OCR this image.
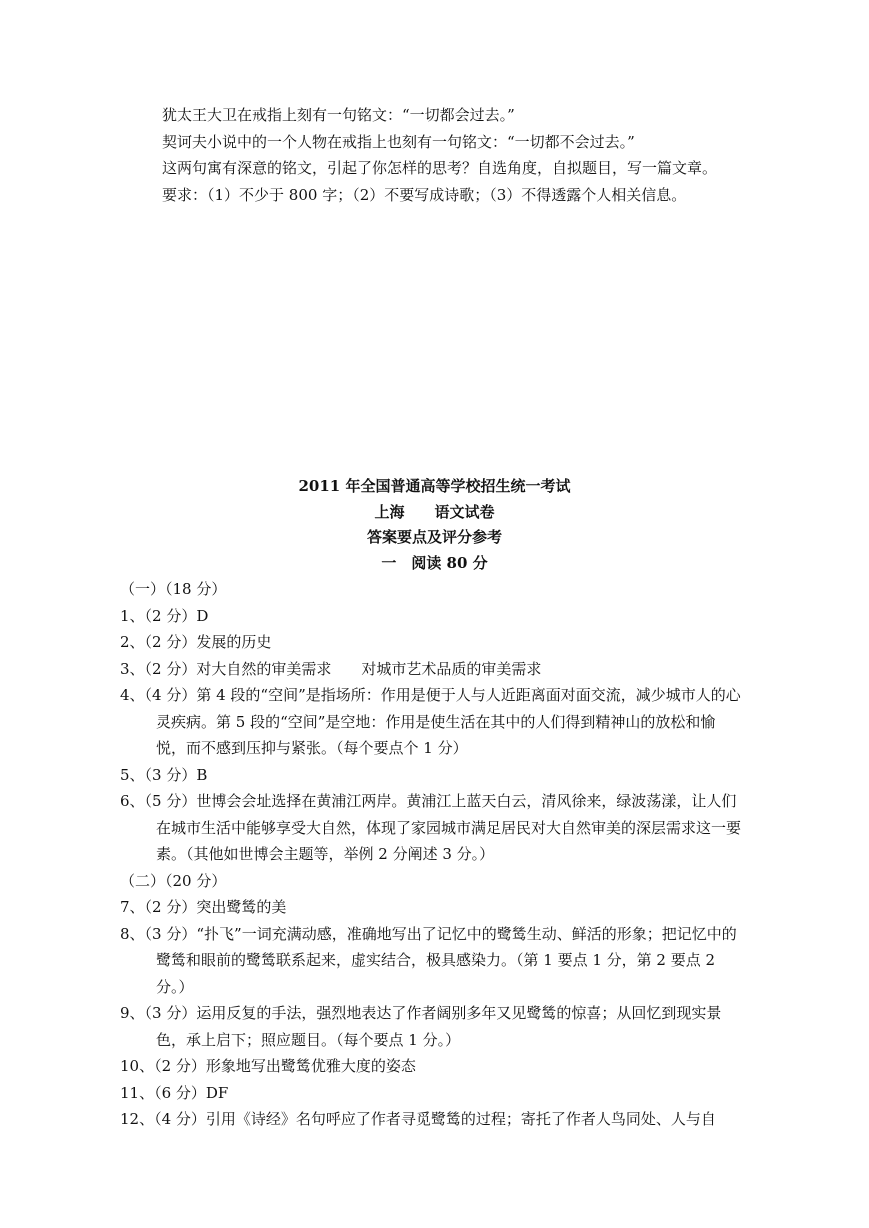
犹太王大卫在戒指上刻有一句铭文：“一切都会过去。”

契诃夫小说中的一个人物在戒指上也刻有一句铭文：“一切都不会过去。”

这两句寓有深意的铭文，引起了你怎样的思考？自选角度，自拟题目，写一篇文章。

要求：（1）不少于 800 字；（2）不要写成诗歌；（3）不得透露个人相关信息。

2011 年全国普通高等学校招生统一考试
上海　　语文试卷
答案要点及评分参考
一　阅读 80 分
（一）（18 分）
1、（2 分）D
2、（2 分）发展的历史
3、（2 分）对大自然的审美需求　　对城市艺术品质的审美需求
4、（4 分）第 4 段的“空间”是指场所：作用是便于人与人近距离面对面交流，减少城市人的心灵疾病。第 5 段的“空间”是空地：作用是使生活在其中的人们得到精神山的放松和愉悦，而不感到压抑与紧张。（每个要点个 1 分）
5、（3 分）B
6、（5 分）世博会会址选择在黄浦江两岸。黄浦江上蓝天白云，清风徐来，绿波荡漾，让人们在城市生活中能够享受大自然，体现了家园城市满足居民对大自然审美的深层需求这一要素。（其他如世博会主题等，举例 2 分阐述 3 分。）
（二）（20 分）
7、（2 分）突出鹭鸶的美
8、（3 分）“扑飞”一词充满动感，准确地写出了记忆中的鹭鸶生动、鲜活的形象；把记忆中的鹭鸶和眼前的鹭鸶联系起来，虚实结合，极具感染力。（第 1 要点 1 分，第 2 要点 2 分。）
9、（3 分）运用反复的手法，强烈地表达了作者阔别多年又见鹭鸶的惊喜；从回忆到现实景色，承上启下；照应题目。（每个要点 1 分。）
10、（2 分）形象地写出鹭鸶优雅大度的姿态
11、（6 分）DF
12、（4 分）引用《诗经》名句呼应了作者寻觅鹭鸶的过程；寄托了作者人鸟同处、人与自
